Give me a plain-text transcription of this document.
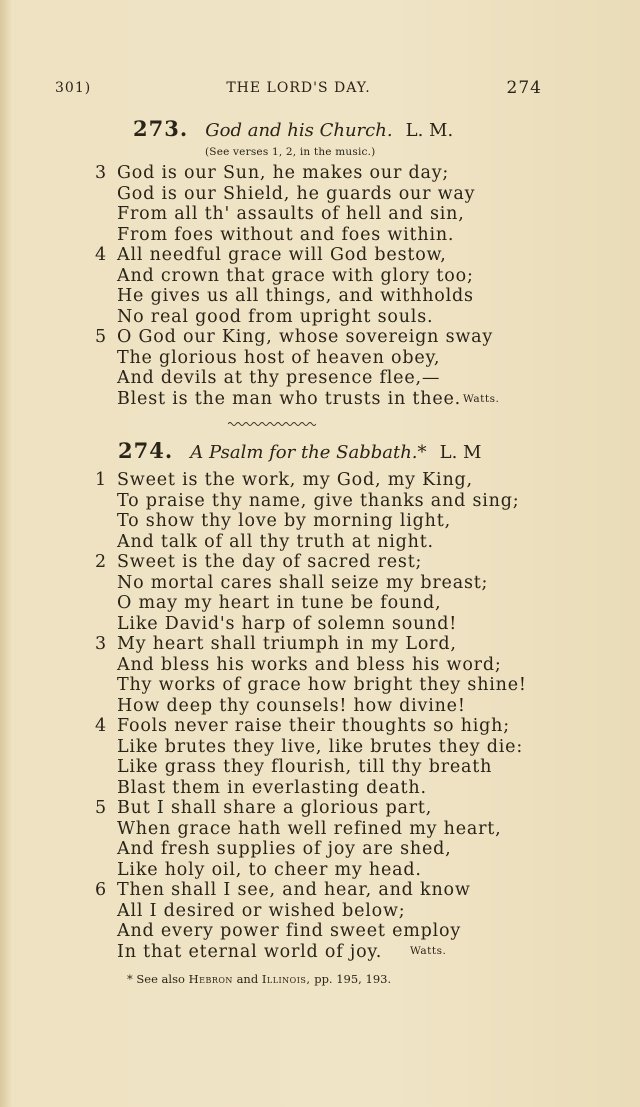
301)	THE LORD'S DAY.	274
273. God and his Church. L. M.
(See verses 1, 2, in the music.)
3 God is our Sun, he makes our day;
God is our Shield, he guards our way
From all th' assaults of hell and sin,
From foes without and foes within.
4 All needful grace will God bestow,
And crown that grace with glory too;
He gives us all things, and withholds
No real good from upright souls.
5 O God our King, whose sovereign sway
The glorious host of heaven obey,
And devils at thy presence flee,—
Blest is the man who trusts in thee. Watts.
274. A Psalm for the Sabbath.* L. M
1 Sweet is the work, my God, my King,
To praise thy name, give thanks and sing;
To show thy love by morning light,
And talk of all thy truth at night.
2 Sweet is the day of sacred rest;
No mortal cares shall seize my breast;
O may my heart in tune be found,
Like David's harp of solemn sound!
3 My heart shall triumph in my Lord,
And bless his works and bless his word;
Thy works of grace how bright they shine!
How deep thy counsels! how divine!
4 Fools never raise their thoughts so high;
Like brutes they live, like brutes they die:
Like grass they flourish, till thy breath
Blast them in everlasting death.
5 But I shall share a glorious part,
When grace hath well refined my heart,
And fresh supplies of joy are shed,
Like holy oil, to cheer my head.
6 Then shall I see, and hear, and know
All I desired or wished below;
And every power find sweet employ
In that eternal world of joy.	Watts.
* See also Hebron and Illinois, pp. 195, 193.
